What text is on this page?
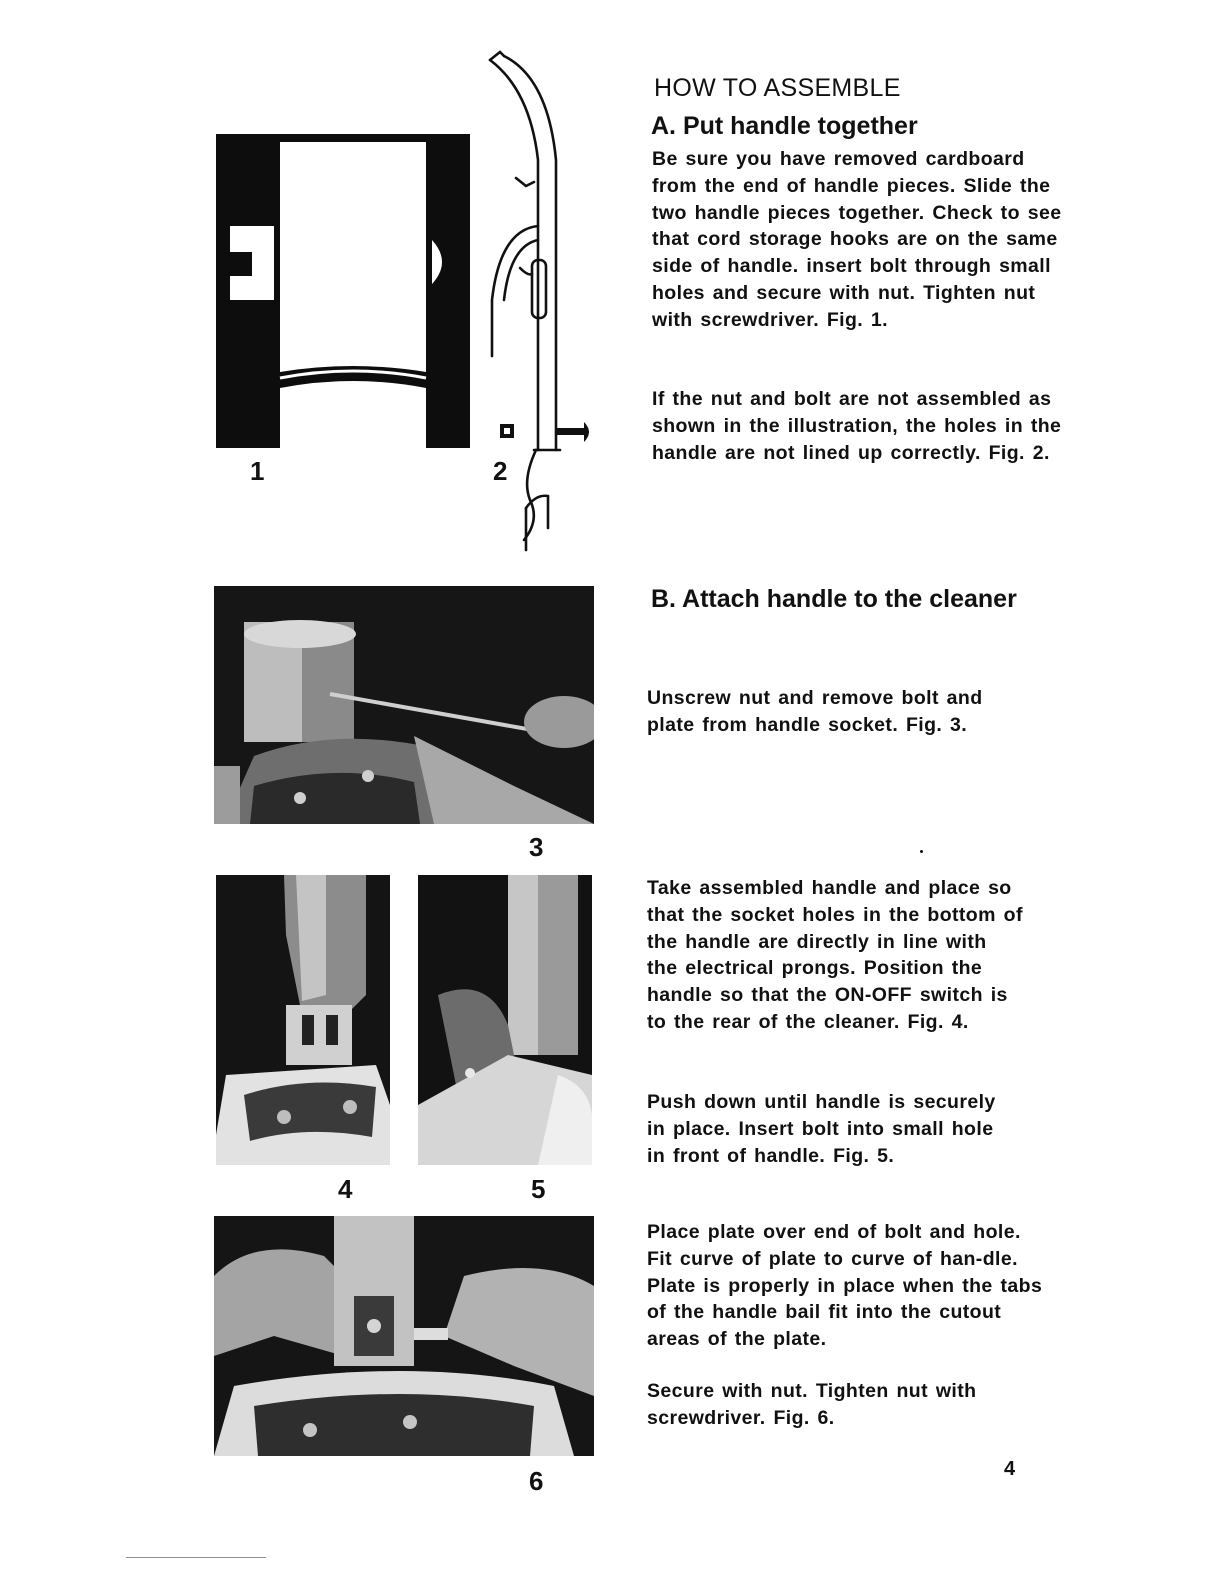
1	2
3
4	5
6
HOW TO ASSEMBLE
A. Put handle together
Be sure you have removed cardboard from the end of handle pieces. Slide the two handle pieces together. Check to see that cord storage hooks are on the same side of handle. insert bolt through small holes and secure with nut. Tighten nut with screwdriver. Fig. 1.
If the nut and bolt are not assembled as shown in the illustration, the holes in the handle are not lined up correctly. Fig. 2.
B. Attach handle to the cleaner
Unscrew nut and remove bolt and plate from handle socket. Fig. 3.
Take assembled handle and place so that the socket holes in the bottom of the handle are directly in line with the electrical prongs. Position the handle so that the ON-OFF switch is to the rear of the cleaner. Fig. 4.
Push down until handle is securely in place. Insert bolt into small hole in front of handle. Fig. 5.
Place plate over end of bolt and hole. Fit curve of plate to curve of han-dle. Plate is properly in place when the tabs of the handle bail fit into the cutout areas of the plate.
Secure with nut. Tighten nut with screwdriver. Fig. 6.
4
